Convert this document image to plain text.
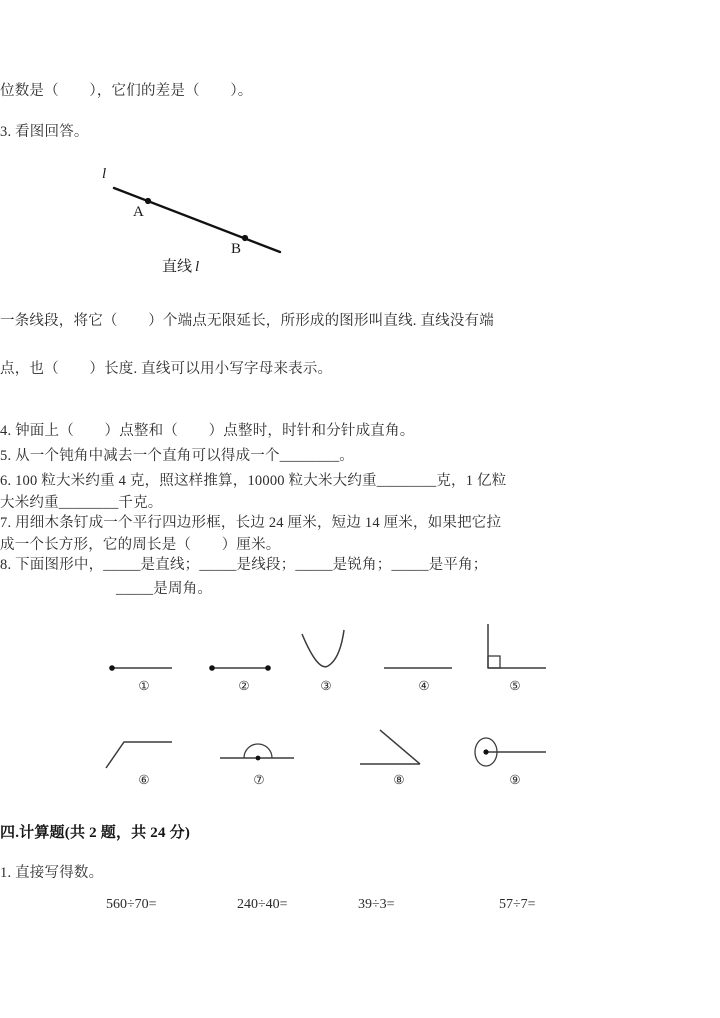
位数是（        ），它们的差是（        ）。

3. 看图回答。

l
A
B
直线 l

一条线段，将它（        ）个端点无限延长，所形成的图形叫直线. 直线没有端

点，也（        ）长度. 直线可以用小写字母来表示。

4. 钟面上（        ）点整和（        ）点整时，时针和分针成直角。

5. 从一个钝角中减去一个直角可以得成一个________。

6. 100 粒大米约重 4 克，照这样推算，10000 粒大米大约重________克，1 亿粒大米约重________千克。

7. 用细木条钉成一个平行四边形框，长边 24 厘米，短边 14 厘米，如果把它拉成一个长方形，它的周长是（        ）厘米。

8. 下面图形中，_____是直线；_____是线段；_____是锐角；_____是平角；

_____是周角。

①	②	③	④	⑤
⑥	⑦	⑧	⑨

四.计算题(共 2 题，共 24 分)

1. 直接写得数。

560÷70=	240÷40=	39÷3=	57÷7=
